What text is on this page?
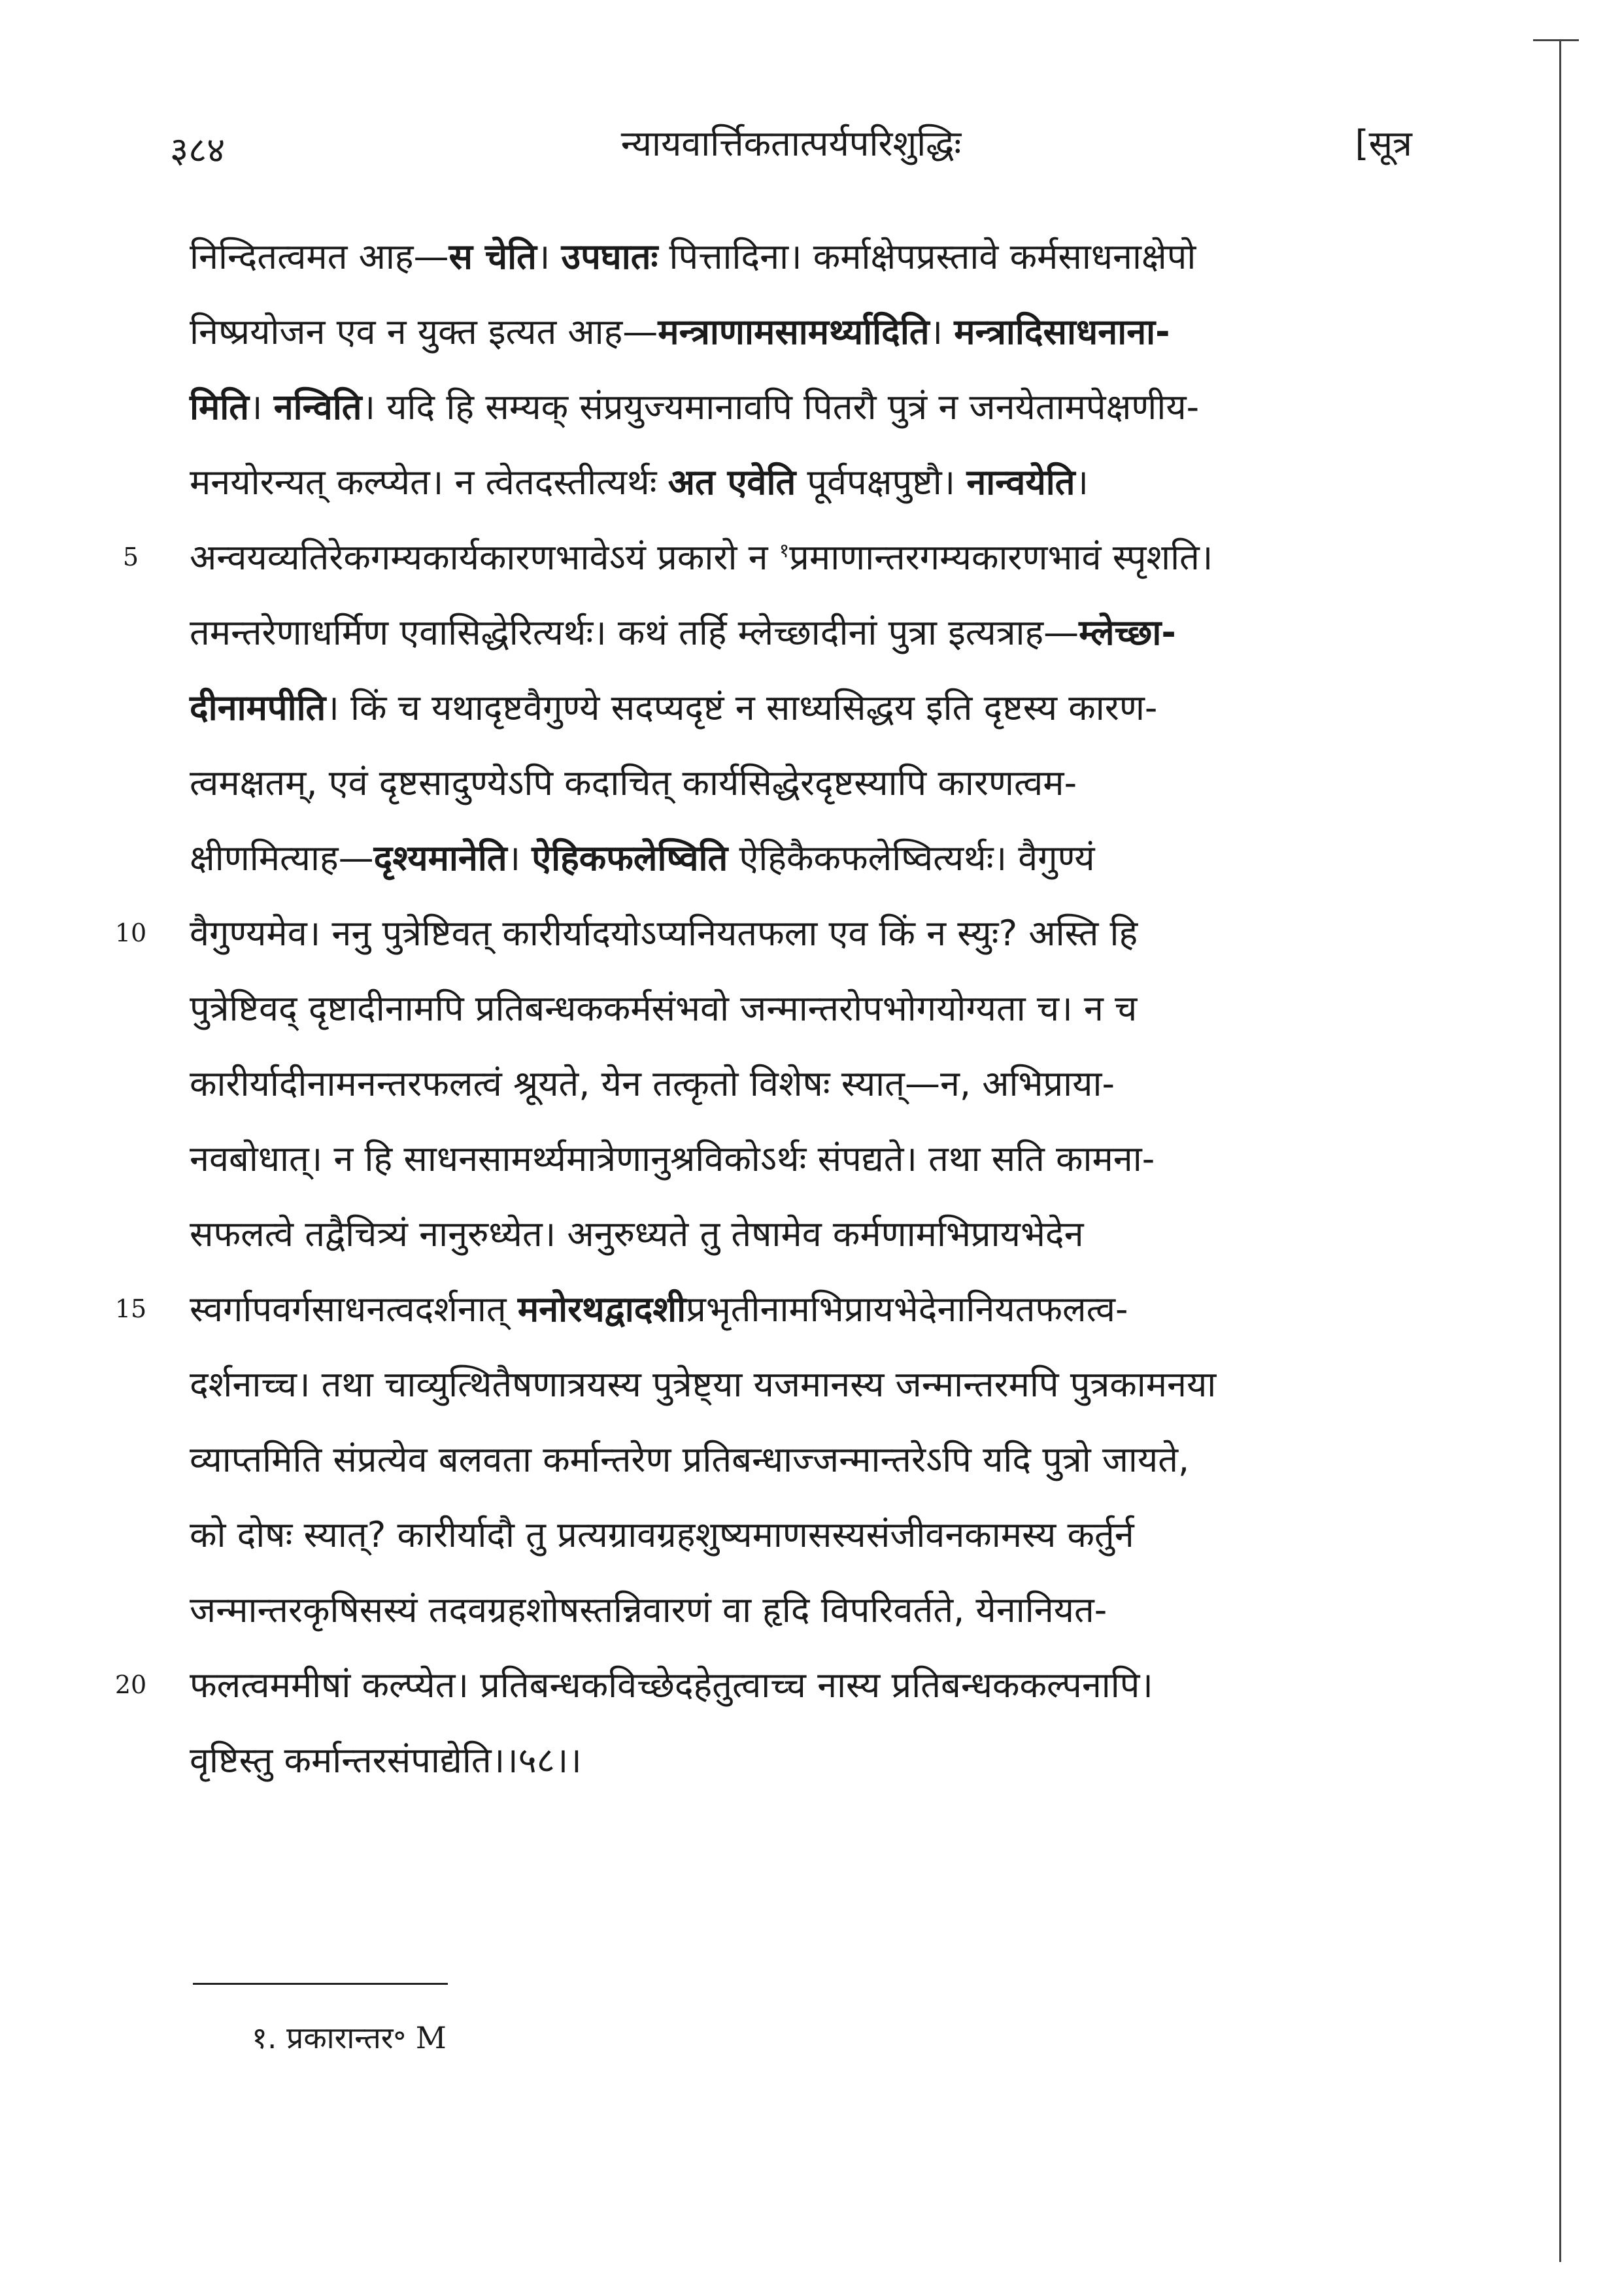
३८४	न्यायवार्त्तिकतात्पर्यपरिशुद्धिः	[सूत्र
निन्दितत्वमत आह—स चेति। उपघातः पित्तादिना। कर्माक्षेपप्रस्तावे कर्मसाधनाक्षेपो
निष्प्रयोजन एव न युक्त इत्यत आह—मन्त्राणामसामर्थ्यादिति। मन्त्रादिसाधनाना-
मिति। नन्विति। यदि हि सम्यक् संप्रयुज्यमानावपि पितरौ पुत्रं न जनयेतामपेक्षणीय-
मनयोरन्यत् कल्प्येत। न त्वेतदस्तीत्यर्थः अत एवेति पूर्वपक्षपुष्टौ। नान्वयेति।
5	अन्वयव्यतिरेकगम्यकार्यकारणभावेऽयं प्रकारो न $^१$प्रमाणान्तरगम्यकारणभावं स्पृशति।
तमन्तरेणाधर्मिण एवासिद्धेरित्यर्थः। कथं तर्हि म्लेच्छादीनां पुत्रा इत्यत्राह—म्लेच्छा-
दीनामपीति। किं च यथादृष्टवैगुण्ये सदप्यदृष्टं न साध्यसिद्धय इति दृष्टस्य कारण-
त्वमक्षतम्, एवं दृष्टसादुण्येऽपि कदाचित् कार्यसिद्धेरदृष्टस्यापि कारणत्वम-
क्षीणमित्याह—दृश्यमानेति। ऐहिकफलेष्विति ऐहिकैकफलेष्वित्यर्थः। वैगुण्यं
10 वैगुण्यमेव। ननु पुत्रेष्टिवत् कारीर्यादयोऽप्यनियतफला एव किं न स्युः? अस्ति हि
पुत्रेष्टिवद् दृष्टादीनामपि प्रतिबन्धककर्मसंभवो जन्मान्तरोपभोगयोग्यता च। न च
कारीर्यादीनामनन्तरफलत्वं श्रूयते, येन तत्कृतो विशेषः स्यात्—न, अभिप्राया-
नवबोधात्। न हि साधनसामर्थ्यमात्रेणानुश्रविकोऽर्थः संपद्यते। तथा सति कामना-
सफलत्वे तद्वैचित्र्यं नानुरुध्येत। अनुरुध्यते तु तेषामेव कर्मणामभिप्रायभेदेन
15 स्वर्गापवर्गसाधनत्वदर्शनात् मनोरथद्वादशीप्रभृतीनामभिप्रायभेदेनानियतफलत्व-
दर्शनाच्च। तथा चाव्युत्थितैषणात्रयस्य पुत्रेष्ट्या यजमानस्य जन्मान्तरमपि पुत्रकामनया
व्याप्तमिति संप्रत्येव बलवता कर्मान्तरेण प्रतिबन्धाज्जन्मान्तरेऽपि यदि पुत्रो जायते,
को दोषः स्यात्? कारीर्यादौ तु प्रत्यग्रावग्रहशुष्यमाणसस्यसंजीवनकामस्य कर्तुर्न
जन्मान्तरकृषिसस्यं तदवग्रहशोषस्तन्निवारणं वा हृदि विपरिवर्तते, येनानियत-
20 फलत्वममीषां कल्प्येत। प्रतिबन्धकविच्छेदहेतुत्वाच्च नास्य प्रतिबन्धककल्पनापि।
वृष्टिस्तु कर्मान्तरसंपाद्येति।।५८।।
१. प्रकारान्तर॰ M
